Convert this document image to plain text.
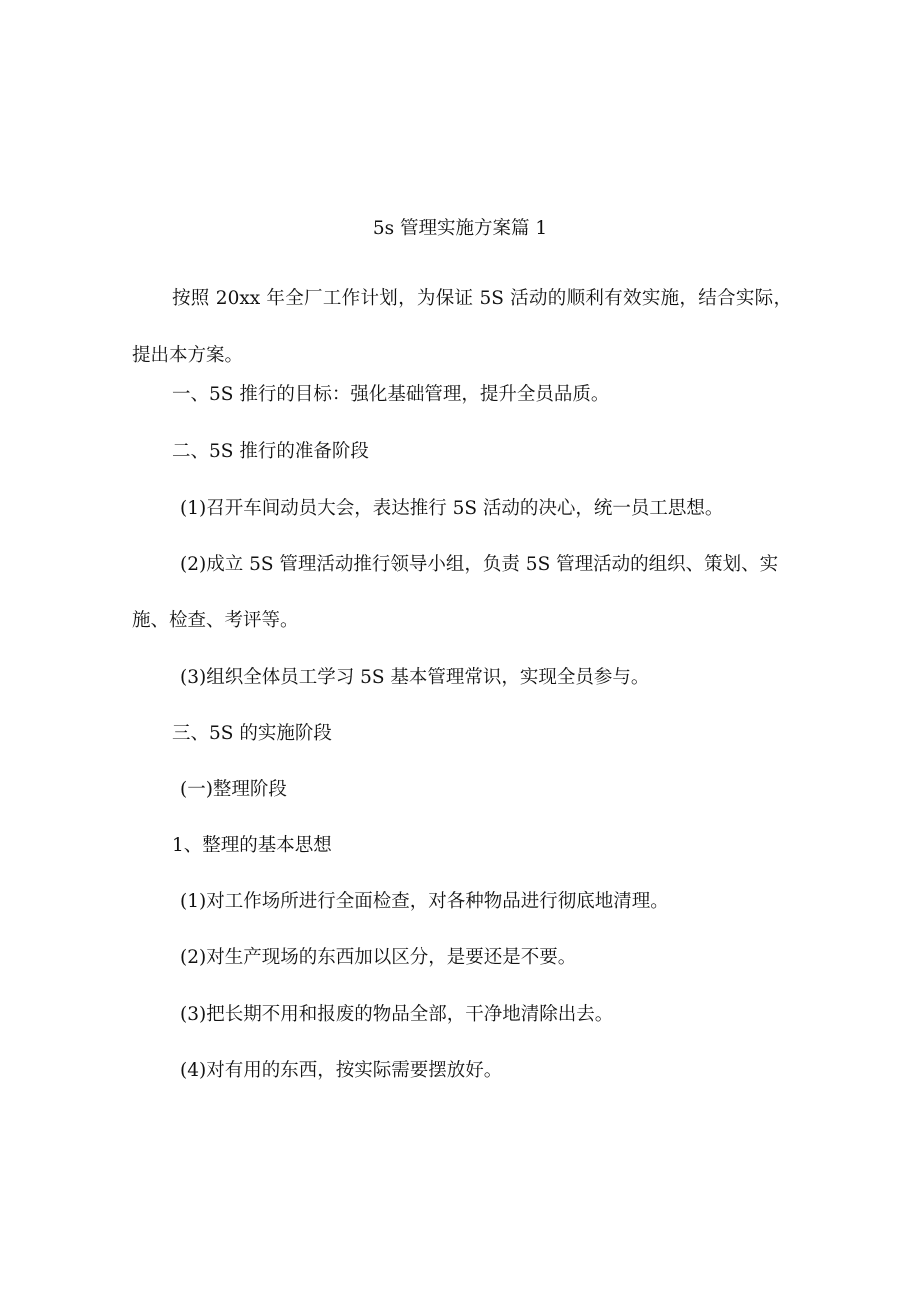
5s 管理实施方案篇 1
按照 20xx 年全厂工作计划，为保证 5S 活动的顺利有效实施，结合实际，提出本方案。
一、5S 推行的目标：强化基础管理，提升全员品质。
二、5S 推行的准备阶段
(1)召开车间动员大会，表达推行 5S 活动的决心，统一员工思想。
(2)成立 5S 管理活动推行领导小组，负责 5S 管理活动的组织、策划、实
施、检查、考评等。
(3)组织全体员工学习 5S 基本管理常识，实现全员参与。
三、5S 的实施阶段
(一)整理阶段
1、整理的基本思想
(1)对工作场所进行全面检查，对各种物品进行彻底地清理。
(2)对生产现场的东西加以区分，是要还是不要。
(3)把长期不用和报废的物品全部，干净地清除出去。
(4)对有用的东西，按实际需要摆放好。
